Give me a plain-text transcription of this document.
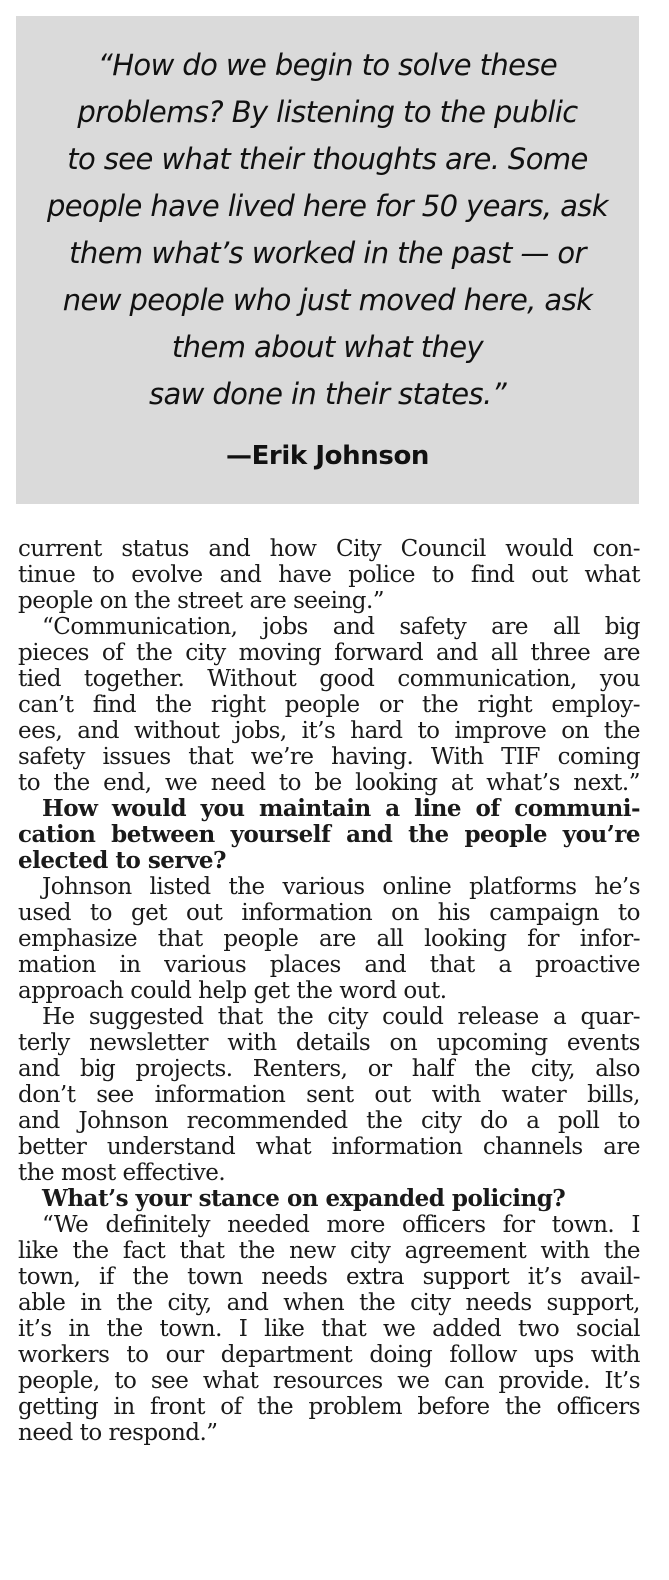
“How do we begin to solve these
problems? By listening to the public
to see what their thoughts are. Some
people have lived here for 50 years, ask
them what’s worked in the past — or
new people who just moved here, ask
them about what they
saw done in their states.”
—Erik Johnson
current status and how City Council would con-
tinue to evolve and have police to find out what
people on the street are seeing.”
“Communication, jobs and safety are all big
pieces of the city moving forward and all three are
tied together. Without good communication, you
can’t find the right people or the right employ-
ees, and without jobs, it’s hard to improve on the
safety issues that we’re having. With TIF coming
to the end, we need to be looking at what’s next.”
How would you maintain a line of communi-
cation between yourself and the people you’re
elected to serve?
Johnson listed the various online platforms he’s
used to get out information on his campaign to
emphasize that people are all looking for infor-
mation in various places and that a proactive
approach could help get the word out.
He suggested that the city could release a quar-
terly newsletter with details on upcoming events
and big projects. Renters, or half the city, also
don’t see information sent out with water bills,
and Johnson recommended the city do a poll to
better understand what information channels are
the most effective.
What’s your stance on expanded policing?
“We definitely needed more officers for town. I
like the fact that the new city agreement with the
town, if the town needs extra support it’s avail-
able in the city, and when the city needs support,
it’s in the town. I like that we added two social
workers to our department doing follow ups with
people, to see what resources we can provide. It’s
getting in front of the problem before the officers
need to respond.”
